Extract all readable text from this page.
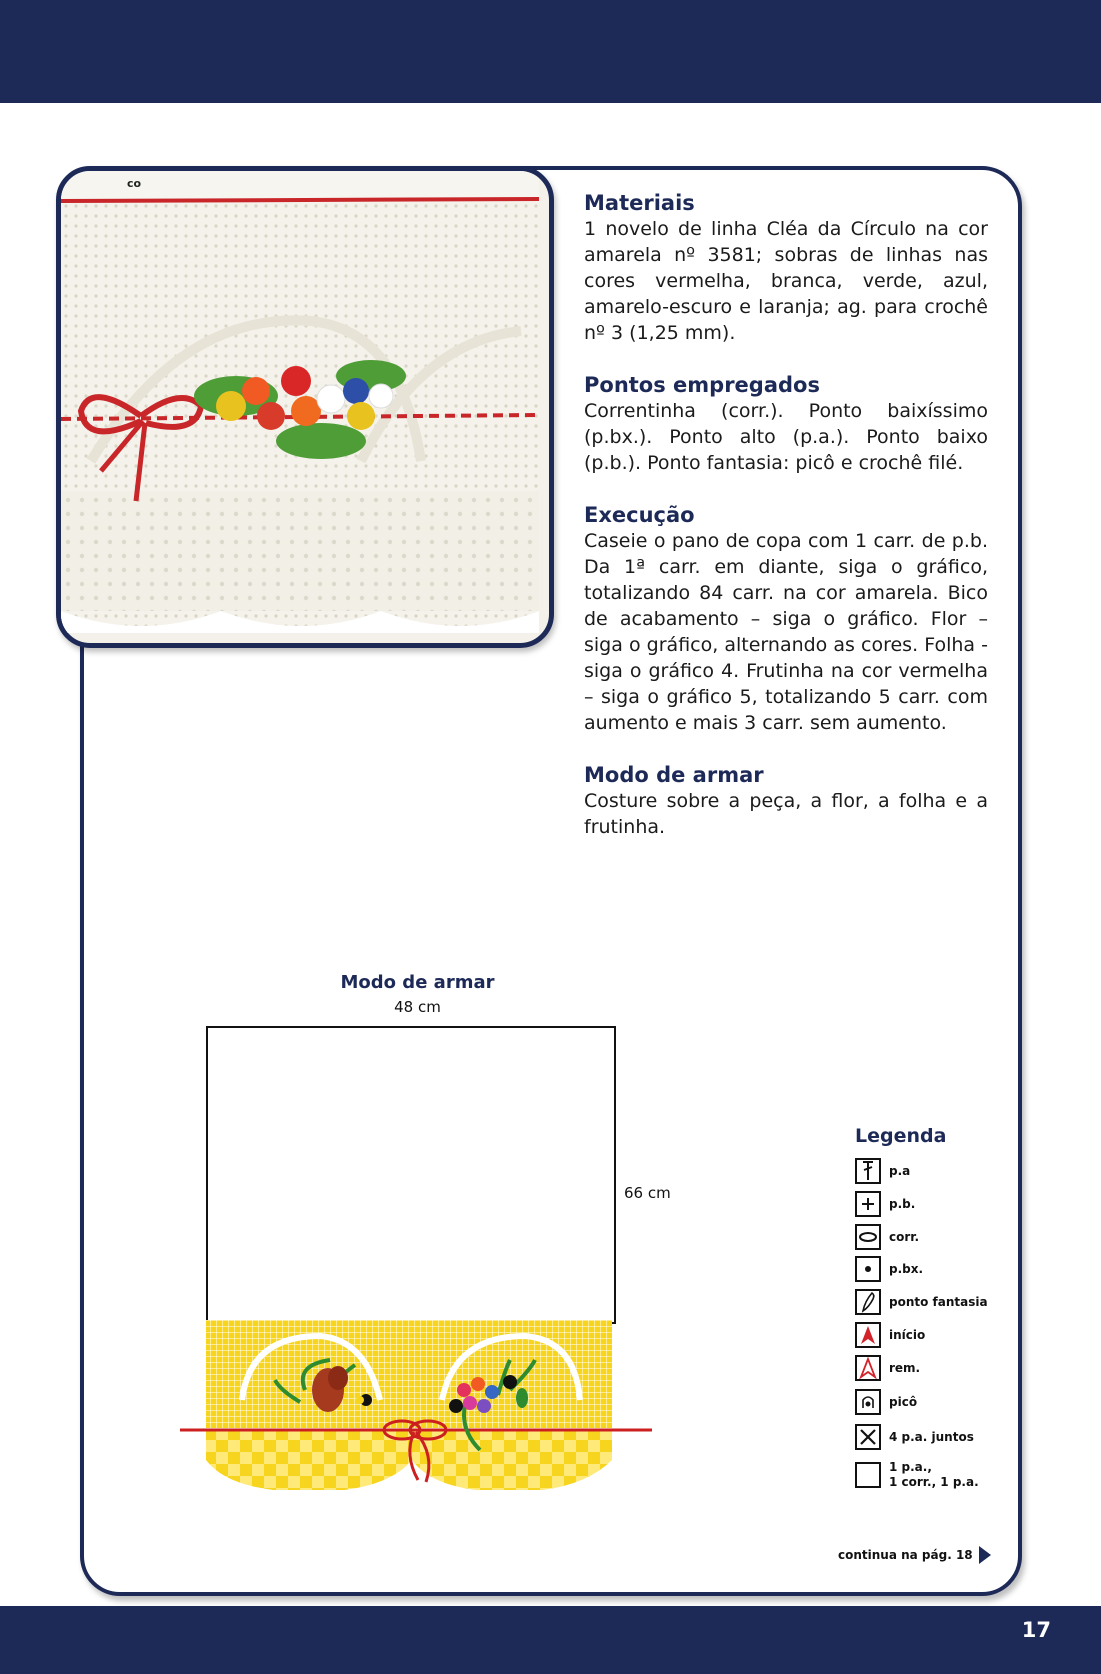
co
Materiais

1 novelo de linha Cléa da Círculo na cor amarela nº 3581; sobras de linhas nas cores vermelha, branca, verde, azul, amarelo-escuro e laranja; ag. para crochê nº 3 (1,25 mm).

Pontos empregados

Correntinha (corr.). Ponto baixíssimo (p.bx.). Ponto alto (p.a.). Ponto baixo (p.b.). Ponto fantasia: picô e crochê filé.

Execução

Caseie o pano de copa com 1 carr. de p.b. Da 1ª carr. em diante, siga o gráfico, totalizando 84 carr. na cor amarela. Bico de acabamento – siga o gráfico. Flor – siga o gráfico, alternando as cores. Folha - siga o gráfico 4. Frutinha na cor vermelha – siga o gráfico 5, totalizando 5 carr. com aumento e mais 3 carr. sem aumento.

Modo de armar

Costure sobre a peça, a flor, a folha e a frutinha.

Modo de armar
48 cm
66 cm
Legenda
p.a
p.b.
corr.
p.bx.
ponto fantasia
início
rem.
picô
4 p.a. juntos
1 p.a.,
1 corr., 1 p.a.
continua na pág. 18
17
